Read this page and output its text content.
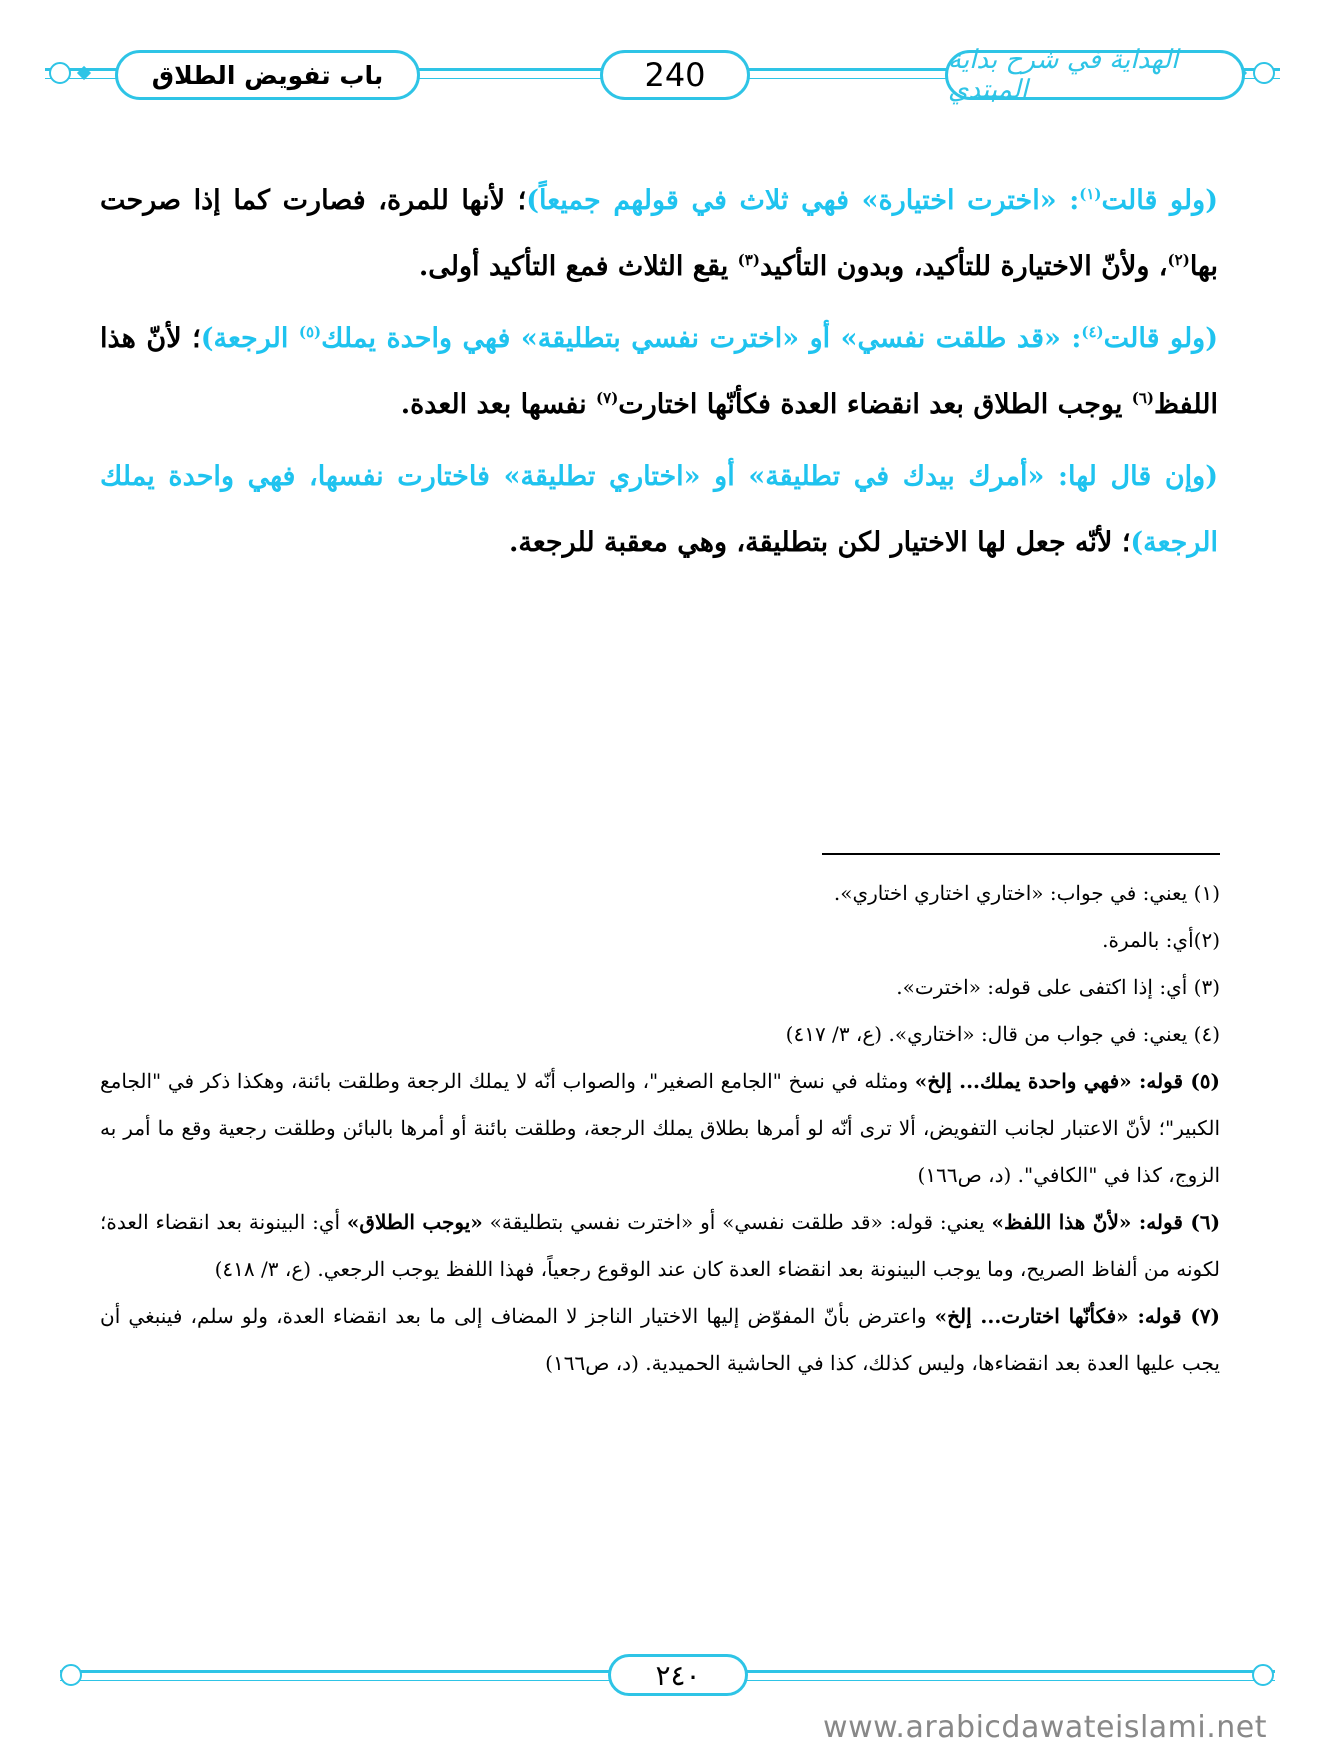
باب تفويض الطلاق	240	الهداية في شرح بداية المبتدي

(ولو قالت$^{(١)}$: «اخترت اختيارة» فهي ثلاث في قولهم جميعاً)؛ لأنها للمرة، فصارت كما إذا صرحت بها$^{(٢)}$، ولأنّ الاختيارة للتأكيد، وبدون التأكيد$^{(٣)}$ يقع الثلاث فمع التأكيد أولى.

(ولو قالت$^{(٤)}$: «قد طلقت نفسي» أو «اخترت نفسي بتطليقة» فهي واحدة يملك$^{(٥)}$ الرجعة)؛ لأنّ هذا اللفظ$^{(٦)}$ يوجب الطلاق بعد انقضاء العدة فكأنّها اختارت$^{(٧)}$ نفسها بعد العدة.

(وإن قال لها: «أمرك بيدك في تطليقة» أو «اختاري تطليقة» فاختارت نفسها، فهي واحدة يملك الرجعة)؛ لأنّه جعل لها الاختيار لكن بتطليقة، وهي معقبة للرجعة.

(١) يعني: في جواب: «اختاري اختاري اختاري».

(٢)أي: بالمرة.

(٣) أي: إذا اكتفى على قوله: «اخترت».

(٤) يعني: في جواب من قال: «اختاري». (ع، ٣/ ٤١٧)

(٥) قوله: «فهي واحدة يملك... إلخ» ومثله في نسخ "الجامع الصغير"، والصواب أنّه لا يملك الرجعة وطلقت بائنة، وهكذا ذكر في "الجامع الكبير"؛ لأنّ الاعتبار لجانب التفويض، ألا ترى أنّه لو أمرها بطلاق يملك الرجعة، وطلقت بائنة أو أمرها بالبائن وطلقت رجعية وقع ما أمر به الزوج، كذا في "الكافي". (د، ص١٦٦)

(٦) قوله: «لأنّ هذا اللفظ» يعني: قوله: «قد طلقت نفسي» أو «اخترت نفسي بتطليقة» «يوجب الطلاق» أي: البينونة بعد انقضاء العدة؛ لكونه من ألفاظ الصريح، وما يوجب البينونة بعد انقضاء العدة كان عند الوقوع رجعياً، فهذا اللفظ يوجب الرجعي. (ع، ٣/ ٤١٨)

(٧) قوله: «فكأنّها اختارت... إلخ» واعترض بأنّ المفوّض إليها الاختيار الناجز لا المضاف إلى ما بعد انقضاء العدة، ولو سلم، فينبغي أن يجب عليها العدة بعد انقضاءها، وليس كذلك، كذا في الحاشية الحميدية. (د، ص١٦٦)

٢٤٠
www.arabicdawateislami.net
